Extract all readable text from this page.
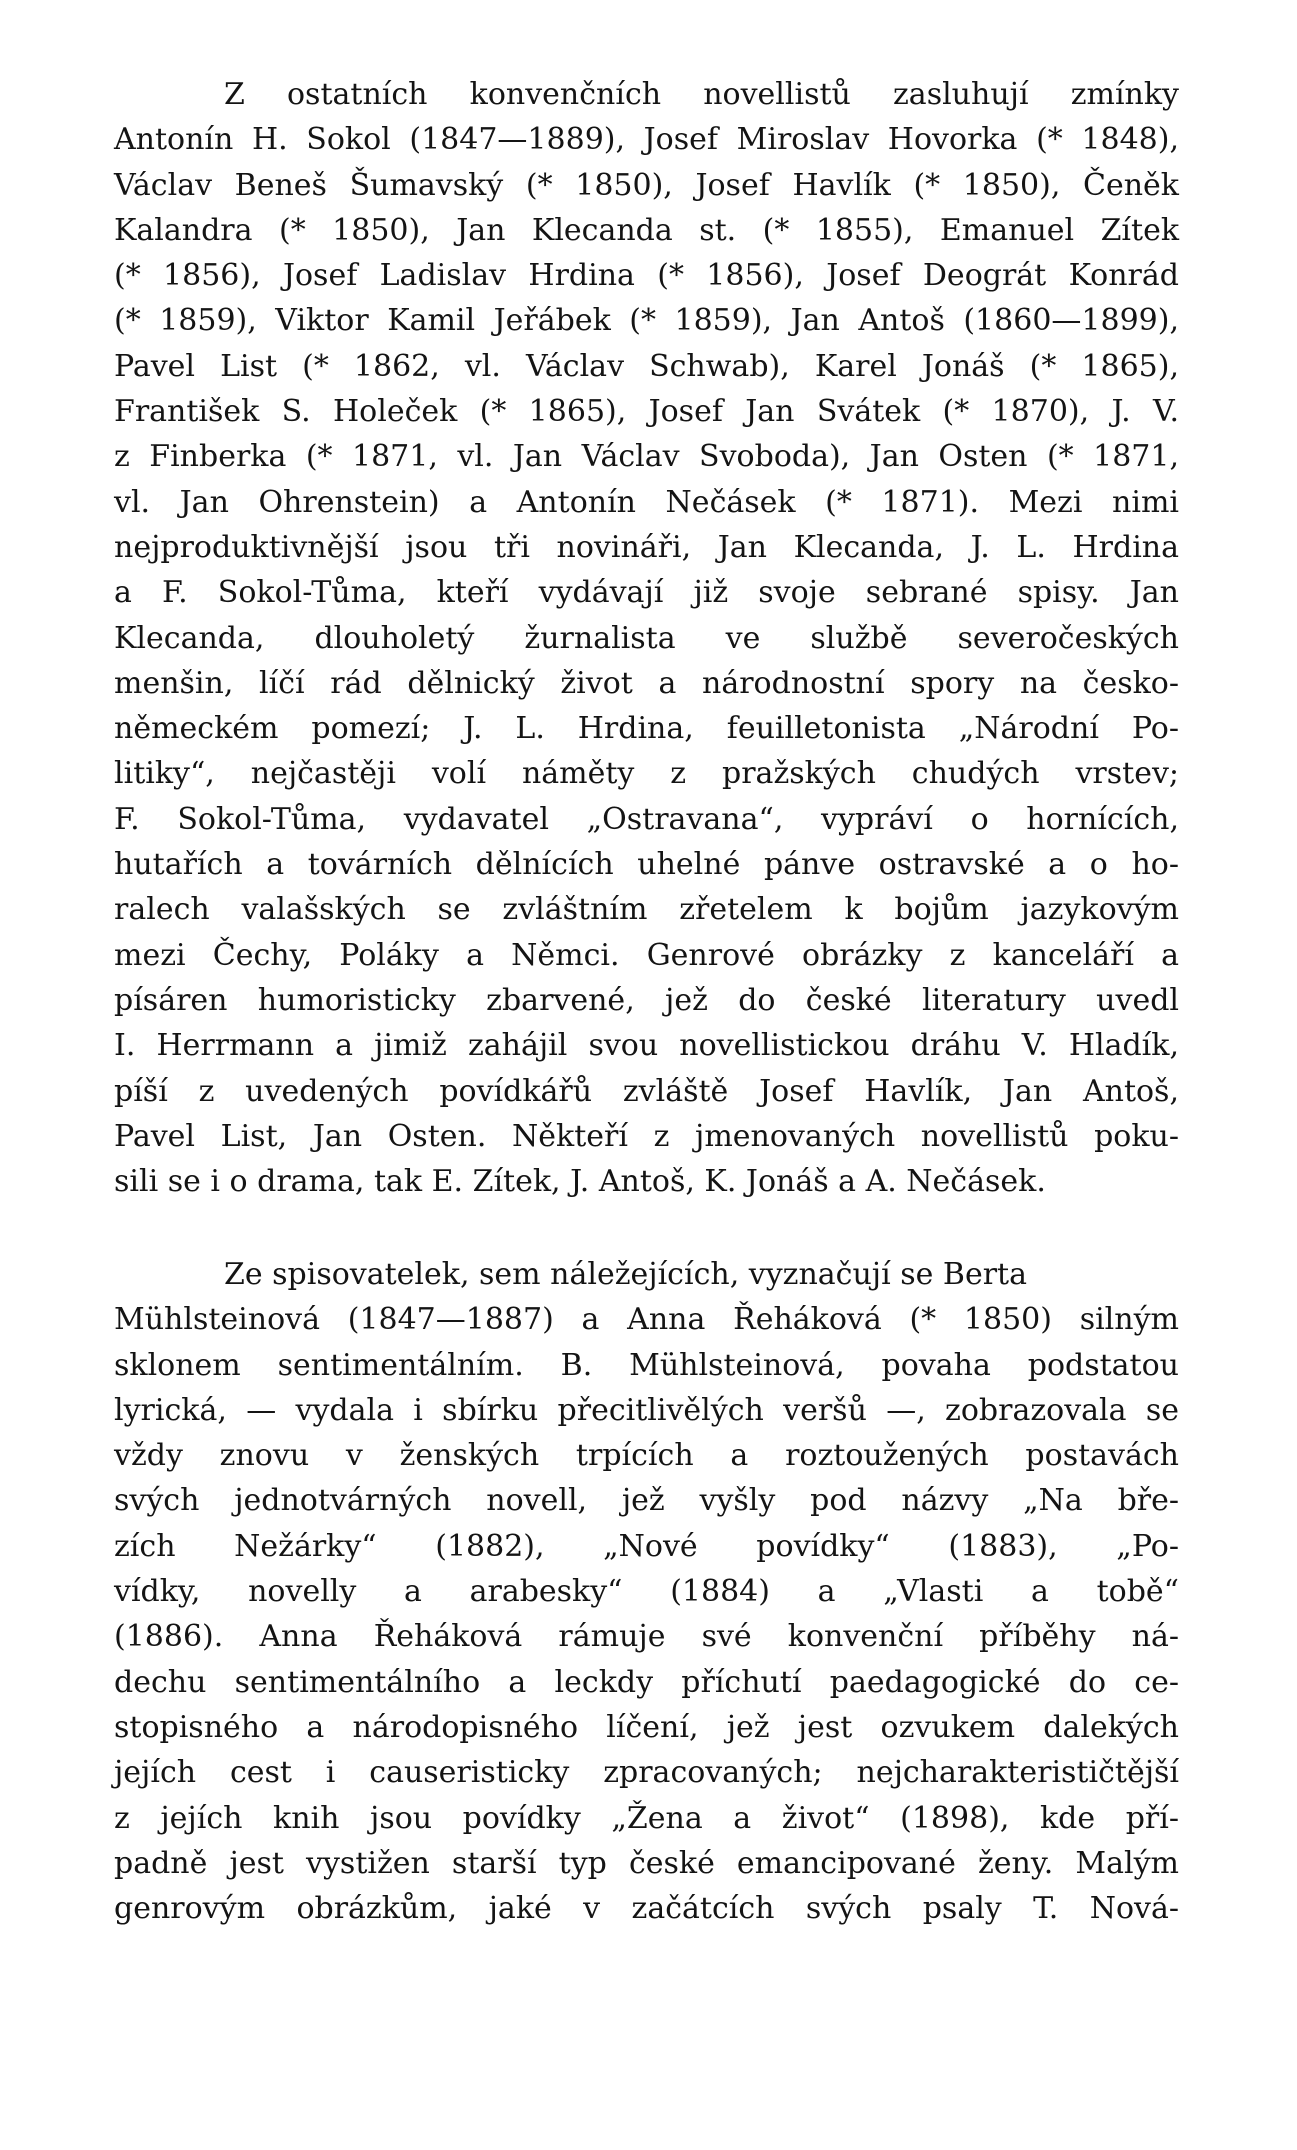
Z ostatních konvenčních novellistů zasluhují zmínky
Antonín H. Sokol (1847—1889), Josef Miroslav Hovorka (* 1848),
Václav Beneš Šumavský (* 1850), Josef Havlík (* 1850), Čeněk
Kalandra (* 1850), Jan Klecanda st. (* 1855), Emanuel Zítek
(* 1856), Josef Ladislav Hrdina (* 1856), Josef Deográt Konrád
(* 1859), Viktor Kamil Jeřábek (* 1859), Jan Antoš (1860—1899),
Pavel List (* 1862, vl. Václav Schwab), Karel Jonáš (* 1865),
František S. Holeček (* 1865), Josef Jan Svátek (* 1870), J. V.
z Finberka (* 1871, vl. Jan Václav Svoboda), Jan Osten (* 1871,
vl. Jan Ohrenstein) a Antonín Nečásek (* 1871). Mezi nimi
nejproduktivnější jsou tři novináři, Jan Klecanda, J. L. Hrdina
a F. Sokol-Tůma, kteří vydávají již svoje sebrané spisy. Jan
Klecanda, dlouholetý žurnalista ve službě severočeských
menšin, líčí rád dělnický život a národnostní spory na česko-
německém pomezí; J. L. Hrdina, feuilletonista „Národní Po-
litiky“, nejčastěji volí náměty z pražských chudých vrstev;
F. Sokol-Tůma, vydavatel „Ostravana“, vypráví o hornících,
hutařích a továrních dělnících uhelné pánve ostravské a o ho-
ralech valašských se zvláštním zřetelem k bojům jazykovým
mezi Čechy, Poláky a Němci. Genrové obrázky z kanceláří a
písáren humoristicky zbarvené, jež do české literatury uvedl
I. Herrmann a jimiž zahájil svou novellistickou dráhu V. Hladík,
píší z uvedených povídkářů zvláště Josef Havlík, Jan Antoš,
Pavel List, Jan Osten. Někteří z jmenovaných novellistů poku-
sili se i o drama, tak E. Zítek, J. Antoš, K. Jonáš a A. Nečásek.
Ze spisovatelek, sem náležejících, vyznačují se Berta
Mühlsteinová (1847—1887) a Anna Řeháková (* 1850) silným
sklonem sentimentálním. B. Mühlsteinová, povaha podstatou
lyrická, — vydala i sbírku přecitlivělých veršů —, zobrazovala se
vždy znovu v ženských trpících a roztoužených postavách
svých jednotvárných novell, jež vyšly pod názvy „Na bře-
zích Nežárky“ (1882), „Nové povídky“ (1883), „Po-
vídky, novelly a arabesky“ (1884) a „Vlasti a tobě“
(1886). Anna Řeháková rámuje své konvenční příběhy ná-
dechu sentimentálního a leckdy příchutí paedagogické do ce-
stopisného a národopisného líčení, jež jest ozvukem dalekých
jejích cest i causeristicky zpracovaných; nejcharakterističtější
z jejích knih jsou povídky „Žena a život“ (1898), kde pří-
padně jest vystižen starší typ české emancipované ženy. Malým
genrovým obrázkům, jaké v začátcích svých psaly T. Nová-
